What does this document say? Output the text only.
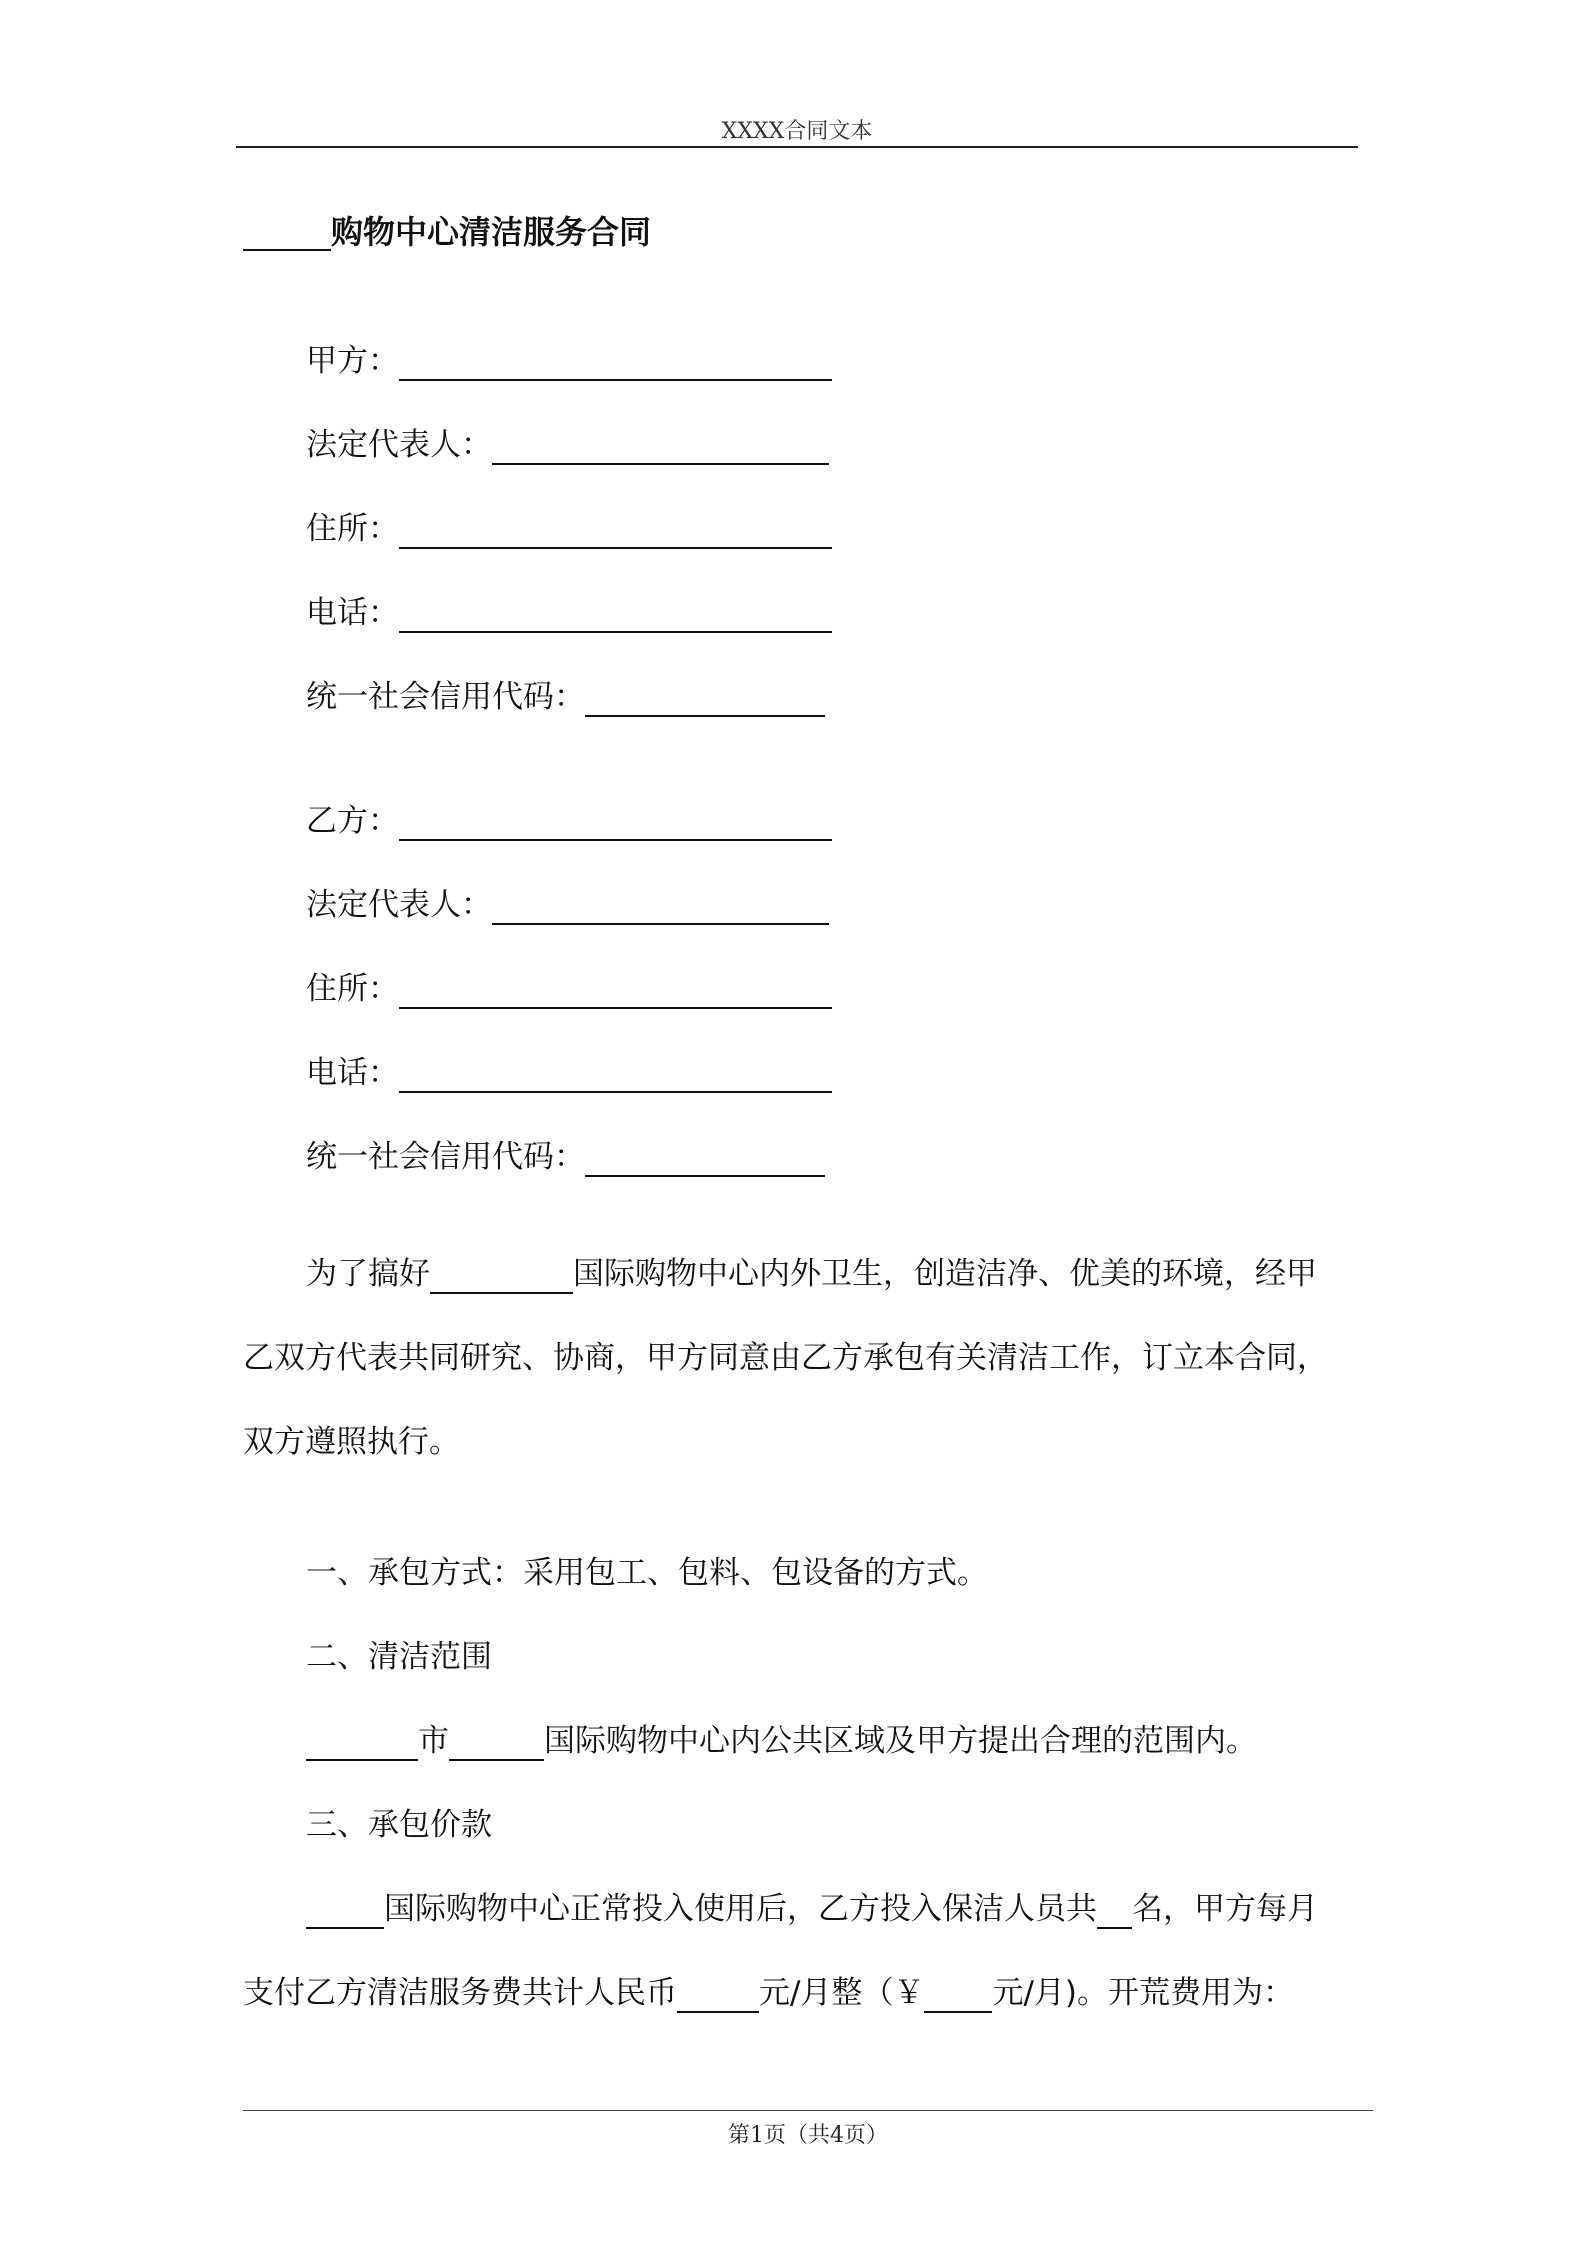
XXXX合同文本
购物中心清洁服务合同
甲方：
法定代表人：
住所：
电话：
统一社会信用代码：
乙方：
法定代表人：
住所：
电话：
统一社会信用代码：
为了搞好	国际购物中心内外卫生，创造洁净、优美的环境，经甲
乙双方代表共同研究、协商，甲方同意由乙方承包有关清洁工作，订立本合同，
双方遵照执行。
一、承包方式：采用包工、包料、包设备的方式。
二、清洁范围
市	国际购物中心内公共区域及甲方提出合理的范围内。
三、承包价款
国际购物中心正常投入使用后，乙方投入保洁人员共 名，甲方每月
支付乙方清洁服务费共计人民币	元/月整（￥ 元/月)。开荒费用为：
第1页（共4页）
